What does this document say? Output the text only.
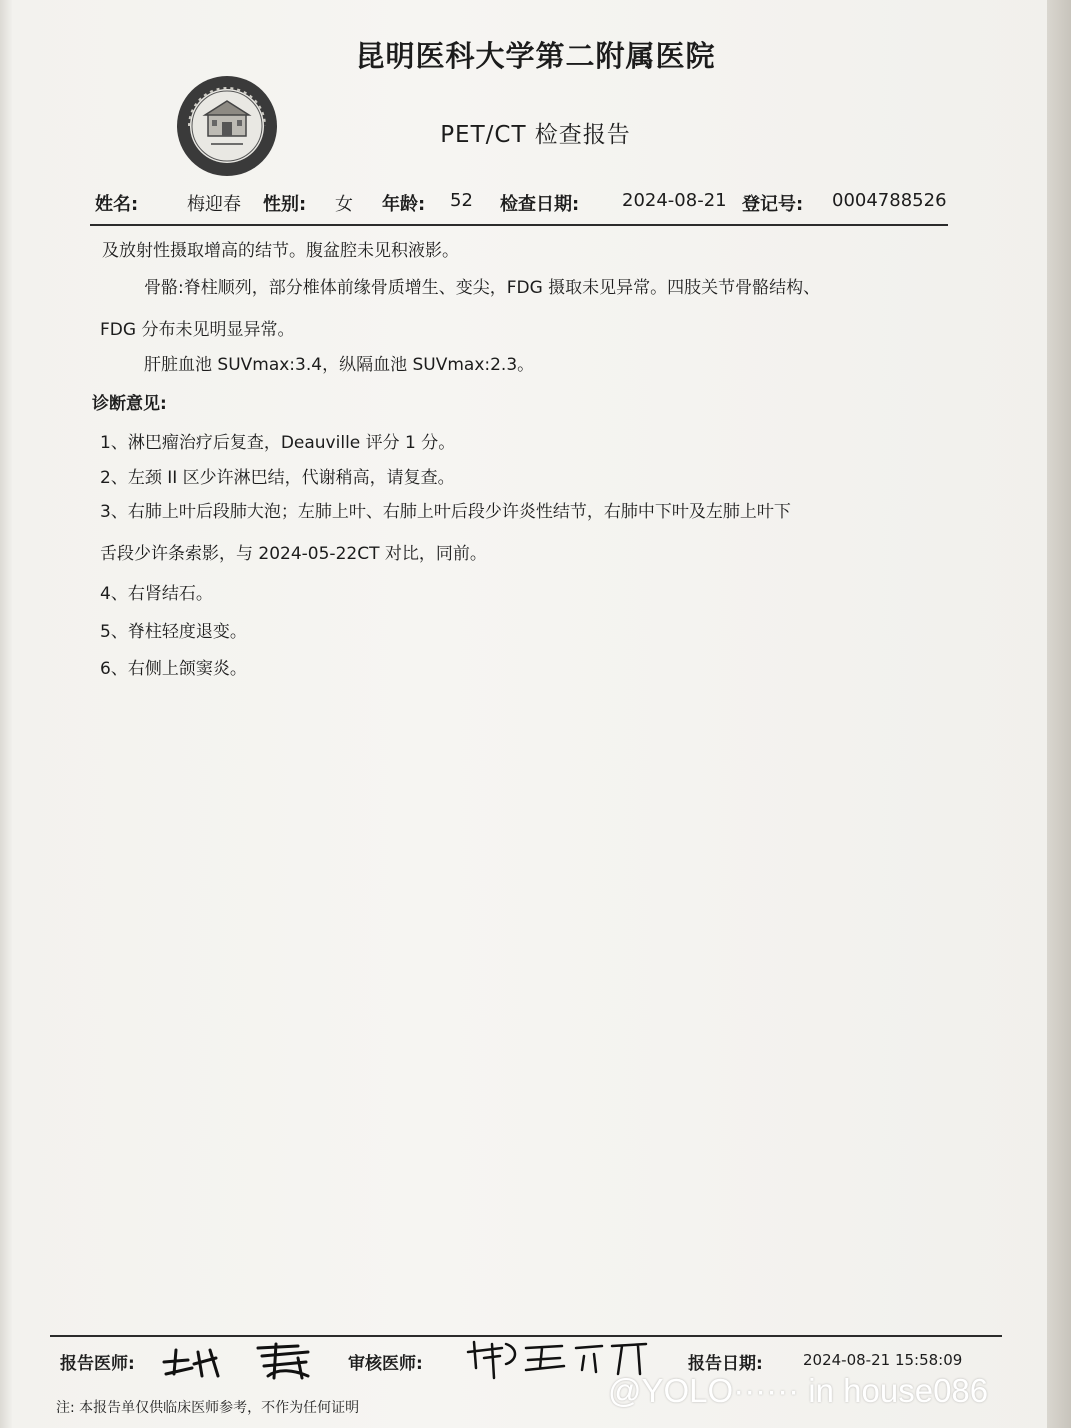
昆明医科大学第二附属医院
PET/CT 检查报告
姓名:	梅迎春 性别: 女 年龄: 52 检查日期: 2024-08-21 登记号: 0004788526
及放射性摄取增高的结节。腹盆腔未见积液影。
骨骼:脊柱顺列，部分椎体前缘骨质增生、变尖，FDG 摄取未见异常。四肢关节骨骼结构、
FDG 分布未见明显异常。
肝脏血池 SUVmax:3.4，纵隔血池 SUVmax:2.3。
诊断意见:
1、淋巴瘤治疗后复查，Deauville 评分 1 分。
2、左颈 II 区少许淋巴结，代谢稍高，请复查。
3、右肺上叶后段肺大泡；左肺上叶、右肺上叶后段少许炎性结节，右肺中下叶及左肺上叶下
舌段少许条索影，与 2024-05-22CT 对比，同前。
4、右肾结石。
5、脊柱轻度退变。
6、右侧上颌窦炎。
报告医师:	审核医师:	报告日期:	2024-08-21 15:58:09
注: 本报告单仅供临床医师参考，不作为任何证明	@YOLO······ in house086
